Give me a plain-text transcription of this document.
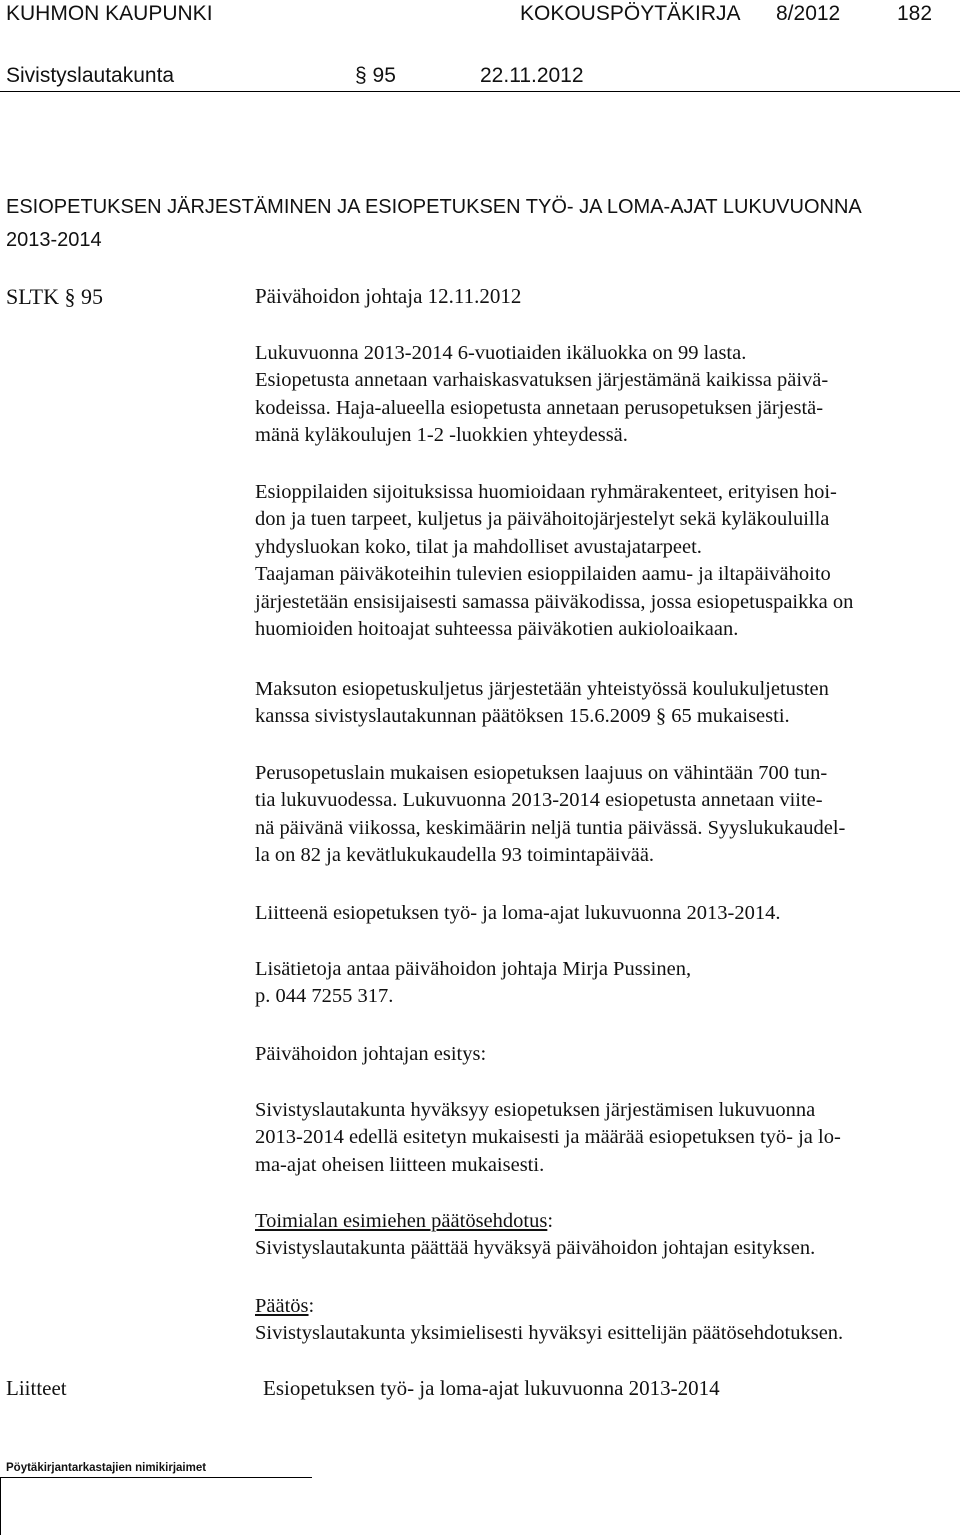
KUHMON KAUPUNKI	KOKOUSPÖYTÄKIRJA 8/2012	182
Sivistyslautakunta	§ 95	22.11.2012
ESIOPETUKSEN JÄRJESTÄMINEN JA ESIOPETUKSEN TYÖ- JA LOMA-AJAT LUKUVUONNA
2013-2014
SLTK § 95	Päivähoidon johtaja 12.11.2012
Lukuvuonna 2013-2014 6-vuotiaiden ikäluokka on 99 lasta.
Esiopetusta annetaan varhaiskasvatuksen järjestämänä kaikissa päivä-
kodeissa. Haja-alueella esiopetusta annetaan perusopetuksen järjestä-
mänä kyläkoulujen 1-2 -luokkien yhteydessä.
Esioppilaiden sijoituksissa huomioidaan ryhmärakenteet, erityisen hoi-
don ja tuen tarpeet, kuljetus ja päivähoitojärjestelyt sekä kyläkouluilla
yhdysluokan koko, tilat ja mahdolliset avustajatarpeet.
Taajaman päiväkoteihin tulevien esioppilaiden aamu- ja iltapäivähoito
järjestetään ensisijaisesti samassa päiväkodissa, jossa esiopetuspaikka on
huomioiden hoitoajat suhteessa päiväkotien aukioloaikaan.
Maksuton esiopetuskuljetus järjestetään yhteistyössä koulukuljetusten
kanssa sivistyslautakunnan päätöksen 15.6.2009 § 65 mukaisesti.
Perusopetuslain mukaisen esiopetuksen laajuus on vähintään 700 tun-
tia lukuvuodessa. Lukuvuonna 2013-2014 esiopetusta annetaan viite-
nä päivänä viikossa, keskimäärin neljä tuntia päivässä. Syyslukukaudel-
la on 82 ja kevätlukukaudella 93 toimintapäivää.
Liitteenä esiopetuksen työ- ja loma-ajat lukuvuonna 2013-2014.
Lisätietoja antaa päivähoidon johtaja Mirja Pussinen,
p. 044 7255 317.
Päivähoidon johtajan esitys:
Sivistyslautakunta hyväksyy esiopetuksen järjestämisen lukuvuonna
2013-2014 edellä esitetyn mukaisesti ja määrää esiopetuksen työ- ja lo-
ma-ajat oheisen liitteen mukaisesti.
Toimialan esimiehen päätösehdotus:
Sivistyslautakunta päättää hyväksyä päivähoidon johtajan esityksen.
Päätös:
Sivistyslautakunta yksimielisesti hyväksyi esittelijän päätösehdotuksen.
Liitteet	Esiopetuksen työ- ja loma-ajat lukuvuonna 2013-2014
Pöytäkirjantarkastajien nimikirjaimet
